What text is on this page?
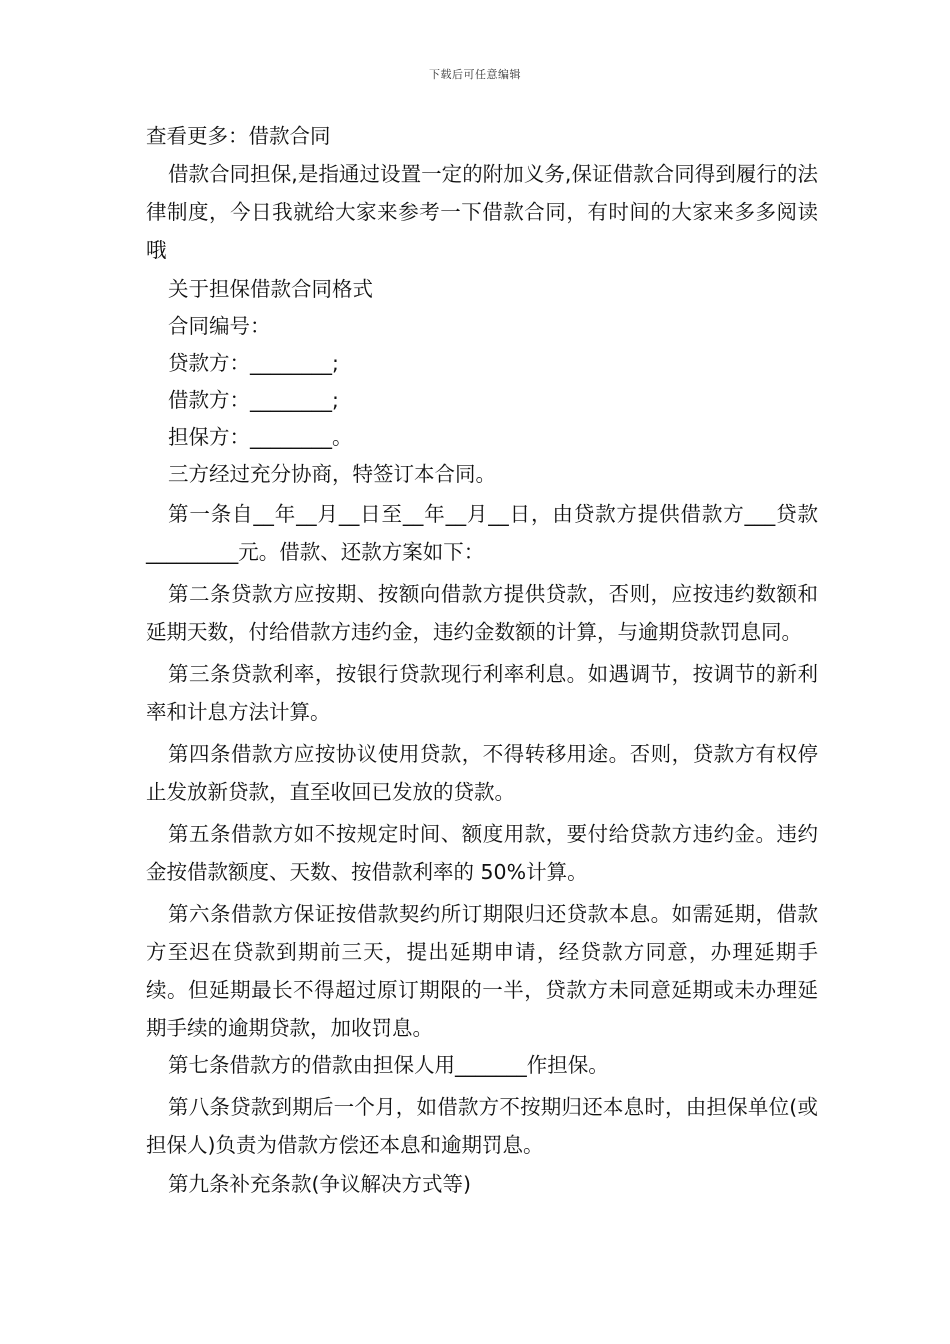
下载后可任意编辑
查看更多：借款合同

借款合同担保,是指通过设置一定的附加义务,保证借款合同得到履行的法律制度，今日我就给大家来参考一下借款合同，有时间的大家来多多阅读哦

关于担保借款合同格式
合同编号：
贷款方：________;
借款方：________;
担保方：________。
三方经过充分协商，特签订本合同。

第一条自__年__月__日至__年__月__日，由贷款方提供借款方___贷款_________元。借款、还款方案如下：

第二条贷款方应按期、按额向借款方提供贷款，否则，应按违约数额和延期天数，付给借款方违约金，违约金数额的计算，与逾期贷款罚息同。

第三条贷款利率，按银行贷款现行利率利息。如遇调节，按调节的新利率和计息方法计算。

第四条借款方应按协议使用贷款，不得转移用途。否则，贷款方有权停止发放新贷款，直至收回已发放的贷款。

第五条借款方如不按规定时间、额度用款，要付给贷款方违约金。违约金按借款额度、天数、按借款利率的 50%计算。

第六条借款方保证按借款契约所订期限归还贷款本息。如需延期，借款方至迟在贷款到期前三天，提出延期申请，经贷款方同意，办理延期手续。但延期最长不得超过原订期限的一半，贷款方未同意延期或未办理延期手续的逾期贷款，加收罚息。

第七条借款方的借款由担保人用_______作担保。

第八条贷款到期后一个月，如借款方不按期归还本息时，由担保单位(或担保人)负责为借款方偿还本息和逾期罚息。

第九条补充条款(争议解决方式等)
